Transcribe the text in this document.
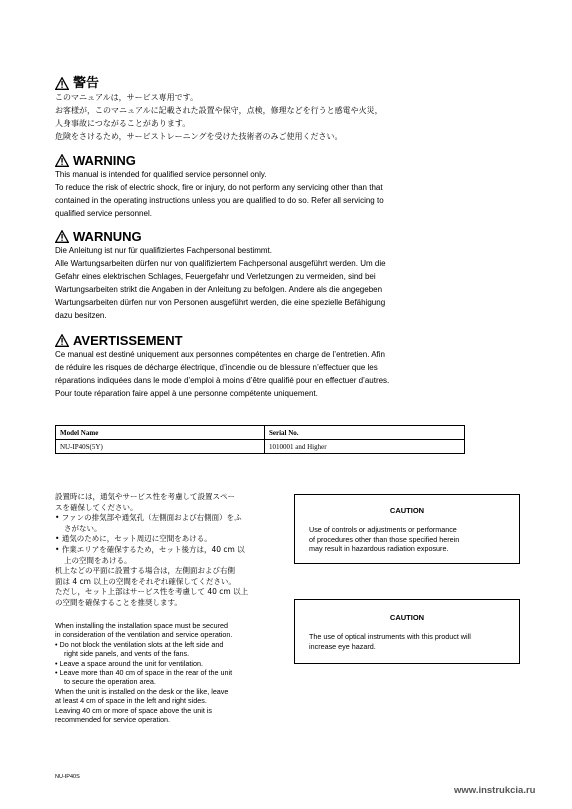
警告

このマニュアルは，サービス専用です。

お客様が，このマニュアルに記載された設置や保守，点検，修理などを行うと感電や火災，

人身事故につながることがあります。

危険をさけるため，サービストレーニングを受けた技術者のみご使用ください。

WARNING

This manual is intended for qualified service personnel only.

To reduce the risk of electric shock, fire or injury, do not perform any servicing other than that

contained in the operating instructions unless you are qualified to do so. Refer all servicing to

qualified service personnel.

WARNUNG

Die Anleitung ist nur für qualifiziertes Fachpersonal bestimmt.

Alle Wartungsarbeiten dürfen nur von qualifiziertem Fachpersonal ausgeführt werden. Um die

Gefahr eines elektrischen Schlages, Feuergefahr und Verletzungen zu vermeiden, sind bei

Wartungsarbeiten strikt die Angaben in der Anleitung zu befolgen. Andere als die angegeben

Wartungsarbeiten dürfen nur von Personen ausgeführt werden, die eine spezielle Befähigung

dazu besitzen.

AVERTISSEMENT

Ce manual est destiné uniquement aux personnes compétentes en charge de l’entretien. Afin

de réduire les risques de décharge électrique, d’incendie ou de blessure n’effectuer que les

réparations indiquées dans le mode d’emploi à moins d’être qualifié pour en effectuer d’autres.

Pour toute réparation faire appel à une personne compétente uniquement.

Model Name	Serial No.
NU-IP40S(5Y)	1010001 and Higher

設置時には，通気やサービス性を考慮して設置スペー

スを確保してください。

• ファンの排気部や通気孔（左側面および右側面）をふ

さがない。

• 通気のために，セット周辺に空間をあける。

• 作業エリアを確保するため，セット後方は，40 cm 以

上の空間をあける。

机上などの平面に設置する場合は，左側面および右側

面は 4 cm 以上の空間をそれぞれ確保してください。

ただし，セット上部はサービス性を考慮して 40 cm 以上

の空間を確保することを推奨します。

When installing the installation space must be secured

in consideration of the ventilation and service operation.

• Do not block the ventilation slots at the left side and

right side panels, and vents of the fans.

• Leave a space around the unit for ventilation.

• Leave more than 40 cm of space in the rear of the unit

to secure the operation area.

When the unit is installed on the desk or the like, leave

at least 4 cm of space in the left and right sides.

Leaving 40 cm or more of space above the unit is

recommended for service operation.

CAUTION

Use of controls or adjustments or performance

of procedures other than those specified herein

may result in hazardous radiation exposure.

CAUTION

The use of optical instruments with this product will

increase eye hazard.

NU-IP40S
www.instrukcia.ru
